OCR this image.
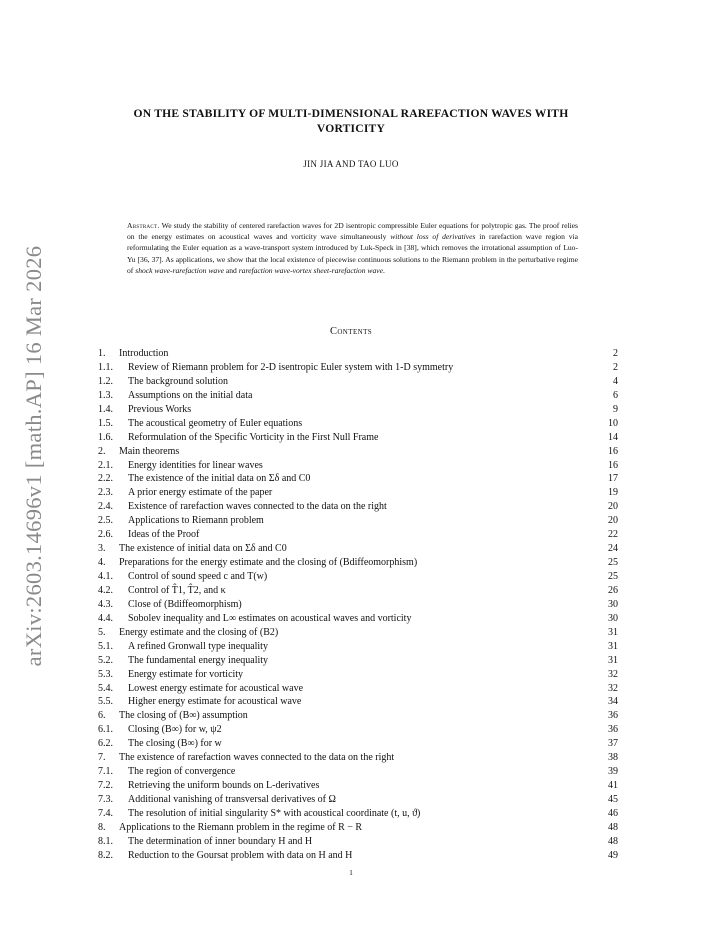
arXiv:2603.14696v1 [math.AP] 16 Mar 2026
ON THE STABILITY OF MULTI-DIMENSIONAL RAREFACTION WAVES WITH
VORTICITY
JIN JIA AND TAO LUO
Abstract. We study the stability of centered rarefaction waves for 2D isentropic compressible Euler equations for polytropic gas. The proof relies on the energy estimates on acoustical waves and vorticity wave simultaneously without loss of derivatives in rarefaction wave region via reformulating the Euler equation as a wave-transport system introduced by Luk-Speck in [38], which removes the irrotational assumption of Luo-Yu [36, 37]. As applications, we show that the local existence of piecewise continuous solutions to the Riemann problem in the perturbative regime of shock wave-rarefaction wave and rarefaction wave-vortex sheet-rarefaction wave.
Contents
1. Introduction	2
1.1. Review of Riemann problem for 2-D isentropic Euler system with 1-D symmetry	2
1.2. The background solution	4
1.3. Assumptions on the initial data	6
1.4. Previous Works	9
1.5. The acoustical geometry of Euler equations	10
1.6. Reformulation of the Specific Vorticity in the First Null Frame	14
2. Main theorems	16
2.1. Energy identities for linear waves	16
2.2. The existence of the initial data on Σδ and C0	17
2.3. A prior energy estimate of the paper	19
2.4. Existence of rarefaction waves connected to the data on the right	20
2.5. Applications to Riemann problem	20
2.6. Ideas of the Proof	22
3. The existence of initial data on Σδ and C0	24
4. Preparations for the energy estimate and the closing of (Bdiffeomorphism)	25
4.1. Control of sound speed c and T(w)	25
4.2. Control of T̂1, T̂2, and κ	26
4.3. Close of (Bdiffeomorphism)	30
4.4. Sobolev inequality and L∞ estimates on acoustical waves and vorticity	30
5. Energy estimate and the closing of (B2)	31
5.1. A refined Gronwall type inequality	31
5.2. The fundamental energy inequality	31
5.3. Energy estimate for vorticity	32
5.4. Lowest energy estimate for acoustical wave	32
5.5. Higher energy estimate for acoustical wave	34
6. The closing of (B∞) assumption	36
6.1. Closing (B∞) for w, ψ2	36
6.2. The closing (B∞) for w	37
7. The existence of rarefaction waves connected to the data on the right	38
7.1. The region of convergence	39
7.2. Retrieving the uniform bounds on L-derivatives	41
7.3. Additional vanishing of transversal derivatives of Ω	45
7.4. The resolution of initial singularity S* with acoustical coordinate (t, u, ϑ)	46
8. Applications to the Riemann problem in the regime of R − R	48
8.1. The determination of inner boundary H and H	48
8.2. Reduction to the Goursat problem with data on H and H	49
1
